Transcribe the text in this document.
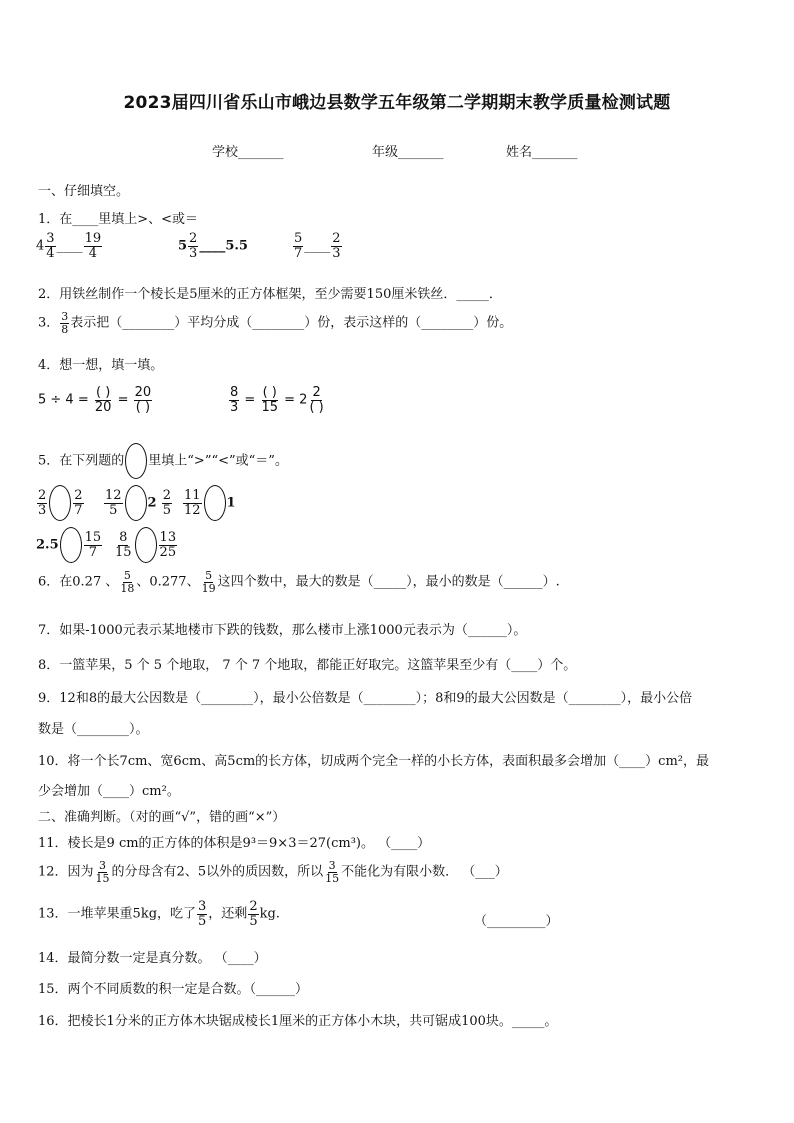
2023届四川省乐山市峨边县数学五年级第二学期期末教学质量检测试题
学校_______	年级_______	姓名_______
一、仔细填空。
1．在____里填上>、<或＝
$4 \frac{3}{4}$ ____ $\frac{19}{4}$	$5 \frac{2}{3}$ ____5.5	$\frac{5}{7}$ ____ $\frac{2}{3}$
2．用铁丝制作一个棱长是5厘米的正方体框架，至少需要150厘米铁丝．_____．
3． $\frac{3}{8}$ 表示把（________）平均分成（________）份，表示这样的（________）份。
4．想一想，填一填。
$5 \div 4 = \frac{( )}{20} = \frac{20}{( )}$	$\frac{8}{3} = \frac{( )}{15} = 2 \frac{2}{( )}$
5．在下列题的 里填上“>”“<”或“＝”。
$\frac{2}{3} \frac{2}{7} \frac{12}{5} 2 \frac{2}{5} \frac{11}{12} 1$
$2.5 \frac{15}{7} \frac{8}{15} \frac{13}{25}$
6．在0.27 、 $\frac{5}{18}$ 、0.277、 $\frac{5}{19}$ 这四个数中，最大的数是（_____），最小的数是（______）.
7．如果-1000元表示某地楼市下跌的钱数，那么楼市上涨1000元表示为（______）。
8．一篮苹果，5 个 5 个地取， 7 个 7 个地取，都能正好取完。这篮苹果至少有（____）个。
9．12和8的最大公因数是（________），最小公倍数是（________）；8和9的最大公因数是（________），最小公倍
数是（________）。
10．将一个长7cm、宽6cm、高5cm的长方体，切成两个完全一样的小长方体，表面积最多会增加（____）cm²，最
少会增加（____）cm²。
二、准确判断。（对的画“√”，错的画“×”）
11．棱长是9 cm的正方体的体积是9³＝9×3＝27(cm³)。 （____）
12．因为 $\frac{3}{15}$ 的分母含有2、5以外的质因数，所以 $\frac{3}{15}$ 不能化为有限小数． （___）
13．一堆苹果重5kg，吃了 $\frac{3}{5}$ ，还剩 $\frac{2}{5}$ kg.	（_________）
14．最简分数一定是真分数。 （____）
15．两个不同质数的积一定是合数。（______）
16．把棱长1分米的正方体木块锯成棱长1厘米的正方体小木块，共可锯成100块。_____。
